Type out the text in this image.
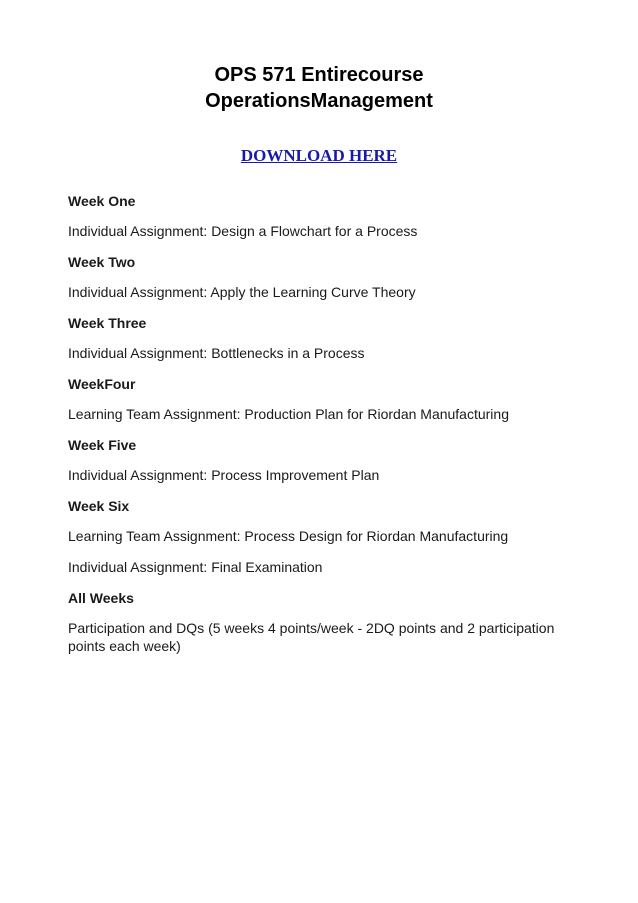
OPS 571 Entirecourse
OperationsManagement
DOWNLOAD HERE

Week One

Individual Assignment: Design a Flowchart for a Process

Week Two

Individual Assignment: Apply the Learning Curve Theory

Week Three

Individual Assignment: Bottlenecks in a Process

WeekFour

Learning Team Assignment: Production Plan for Riordan Manufacturing

Week Five

Individual Assignment: Process Improvement Plan

Week Six

Learning Team Assignment: Process Design for Riordan Manufacturing

Individual Assignment: Final Examination

All Weeks

Participation and DQs (5 weeks 4 points/week - 2DQ points and 2 participation

points each week)
